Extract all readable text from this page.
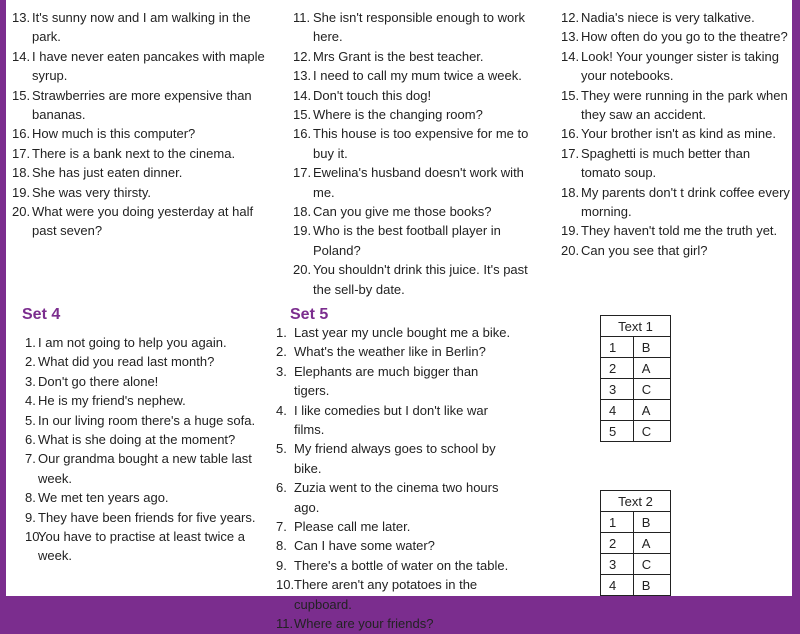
13. It's sunny now and I am walking in the park.
14. I have never eaten pancakes with maple syrup.
15. Strawberries are more expensive than bananas.
16. How much is this computer?
17. There is a bank next to the cinema.
18. She has just eaten dinner.
19. She was very thirsty.
20. What were you doing yesterday at half past seven?
11. She isn't responsible enough to work here.
12. Mrs Grant is the best teacher.
13. I need to call my mum twice a week.
14. Don't touch this dog!
15. Where is the changing room?
16. This house is too expensive for me to buy it.
17. Ewelina's husband doesn't work with me.
18. Can you give me those books?
19. Who is the best football player in Poland?
20. You shouldn't drink this juice. It's past the sell-by date.
12. Nadia's niece is very talkative.
13. How often do you go to the theatre?
14. Look! Your younger sister is taking your notebooks.
15. They were running in the park when they saw an accident.
16. Your brother isn't as kind as mine.
17. Spaghetti is much better than tomato soup.
18. My parents don't t drink coffee every morning.
19. They haven't told me the truth yet.
20. Can you see that girl?
Set 4
1. I am not going to help you again.
2. What did you read last month?
3. Don't go there alone!
4. He is my friend's nephew.
5. In our living room there's a huge sofa.
6. What is she doing at the moment?
7. Our grandma bought a new table last week.
8. We met ten years ago.
9. They have been friends for five years.
10.
You have to practise at least twice a week.
Set 5
1. Last year my uncle bought me a bike.
2. What's the weather like in Berlin?
3. Elephants are much bigger than tigers.
4. I like comedies but I don't like war films.
5. My friend always goes to school by bike.
6. Zuzia went to the cinema two hours ago.
7. Please call me later.
8. Can I have some water?
9. There's a bottle of water on the table.
10. There aren't any potatoes in the cupboard.
11. Where are your friends?
Text 1	
1	B
2	A
3	C
4	A
5	C
Text 2	
1	B
2	A
3	C
4	B
